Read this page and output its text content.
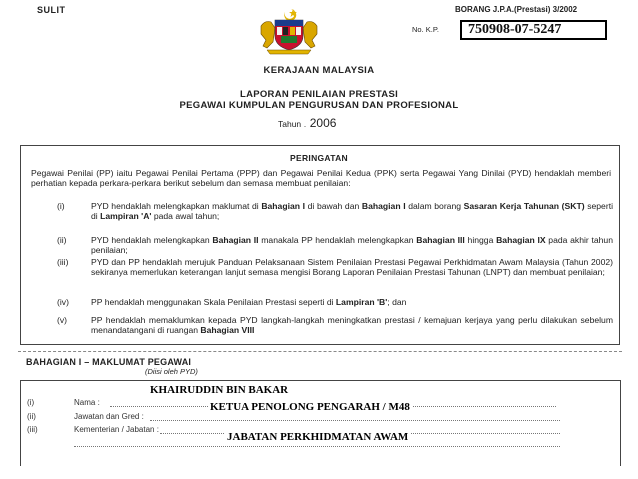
SULIT	BORANG J.P.A.(Prestasi) 3/2002
No. K.P. 750908-07-5247
KERAJAAN MALAYSIA
LAPORAN PENILAIAN PRESTASI
PEGAWAI KUMPULAN PENGURUSAN DAN PROFESIONAL
Tahun . 2006
PERINGATAN
Pegawai Penilai (PP) iaitu Pegawai Penilai Pertama (PPP) dan Pegawai Penilai Kedua (PPK) serta Pegawai Yang Dinilai (PYD) hendaklah memberi perhatian kepada perkara-perkara berikut sebelum dan semasa membuat penilaian:
(i)	PYD hendaklah melengkapkan maklumat di Bahagian I di bawah dan Bahagian I dalam borang Sasaran Kerja Tahunan (SKT) seperti di Lampiran 'A' pada awal tahun;
(ii)	PYD hendaklah melengkapkan Bahagian II manakala PP hendaklah melengkapkan Bahagian III hingga Bahagian IX pada akhir tahun penilaian;
(iii)	PYD dan PP hendaklah merujuk Panduan Pelaksanaan Sistem Penilaian Prestasi Pegawai Perkhidmatan Awam Malaysia (Tahun 2002) sekiranya memerlukan keterangan lanjut semasa mengisi Borang Laporan Penilaian Prestasi Tahunan (LNPT) dan membuat penilaian;
(iv)	PP hendaklah menggunakan Skala Penilaian Prestasi seperti di Lampiran 'B'; dan
(v)	PP hendaklah memaklumkan kepada PYD langkah-langkah meningkatkan prestasi / kemajuan kerjaya yang perlu dilakukan sebelum menandatangani di ruangan Bahagian VIII
BAHAGIAN I – MAKLUMAT PEGAWAI
(Diisi oleh PYD)
(i)	Nama :
KHAIRUDDIN BIN BAKAR
(ii)	Jawatan dan Gred :
KETUA PENOLONG PENGARAH / M48
(iii)	Kementerian / Jabatan :
JABATAN PERKHIDMATAN AWAM
